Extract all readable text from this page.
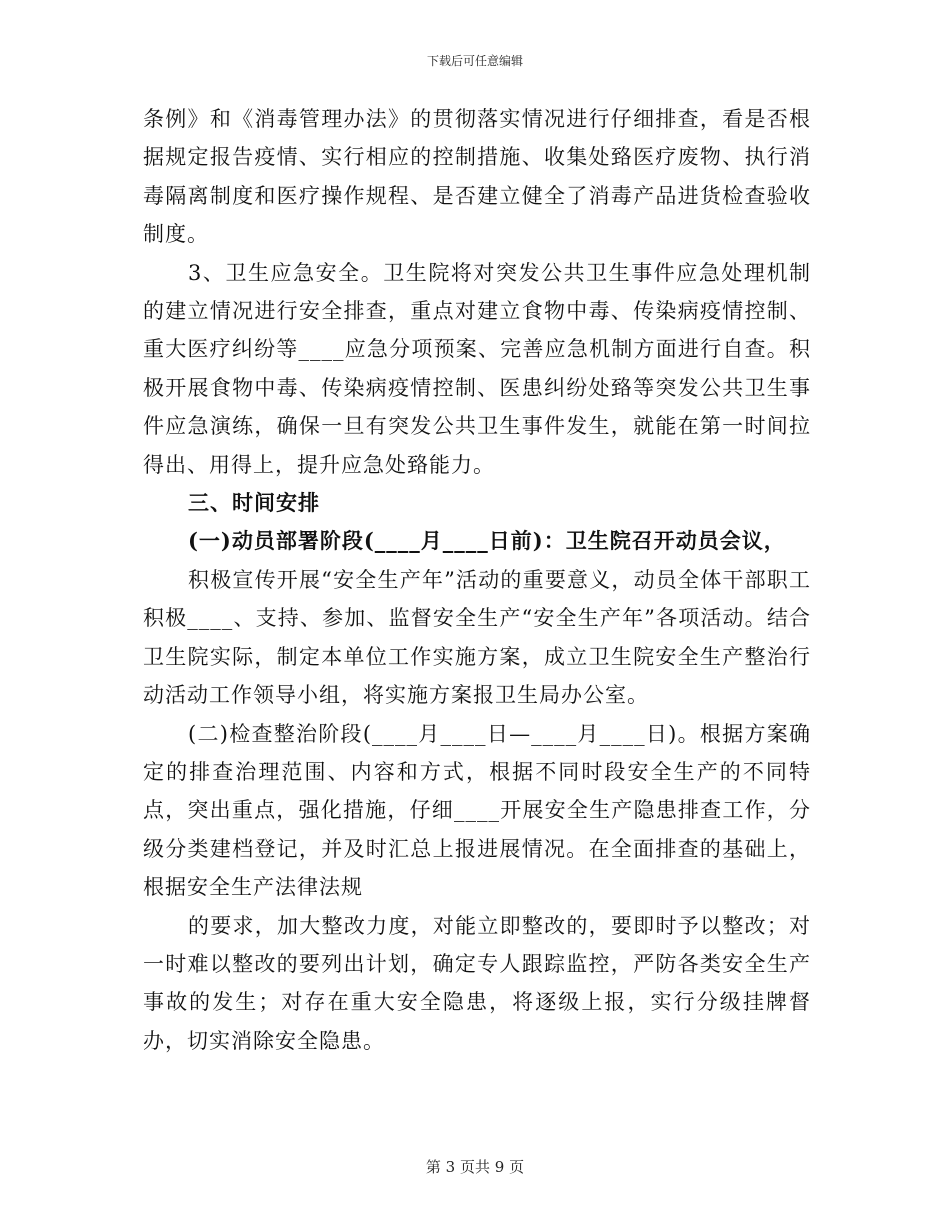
下载后可任意编辑

条例》和《消毒管理办法》的贯彻落实情况进行仔细排查，看是否根据规定报告疫情、实行相应的控制措施、收集处臵医疗废物、执行消毒隔离制度和医疗操作规程、是否建立健全了消毒产品进货检查验收制度。

3、卫生应急安全。卫生院将对突发公共卫生事件应急处理机制的建立情况进行安全排查，重点对建立食物中毒、传染病疫情控制、重大医疗纠纷等____应急分项预案、完善应急机制方面进行自查。积极开展食物中毒、传染病疫情控制、医患纠纷处臵等突发公共卫生事件应急演练，确保一旦有突发公共卫生事件发生，就能在第一时间拉得出、用得上，提升应急处臵能力。

三、时间安排

(一)动员部署阶段(____月____日前)：卫生院召开动员会议，

积极宣传开展“安全生产年”活动的重要意义，动员全体干部职工积极____、支持、参加、监督安全生产“安全生产年”各项活动。结合卫生院实际，制定本单位工作实施方案，成立卫生院安全生产整治行动活动工作领导小组，将实施方案报卫生局办公室。

(二)检查整治阶段(____月____日—____月____日)。根据方案确定的排查治理范围、内容和方式，根据不同时段安全生产的不同特点，突出重点，强化措施，仔细____开展安全生产隐患排查工作，分级分类建档登记，并及时汇总上报进展情况。在全面排查的基础上，根据安全生产法律法规

的要求，加大整改力度，对能立即整改的，要即时予以整改；对一时难以整改的要列出计划，确定专人跟踪监控，严防各类安全生产事故的发生；对存在重大安全隐患，将逐级上报，实行分级挂牌督办，切实消除安全隐患。

第 3 页共 9 页
